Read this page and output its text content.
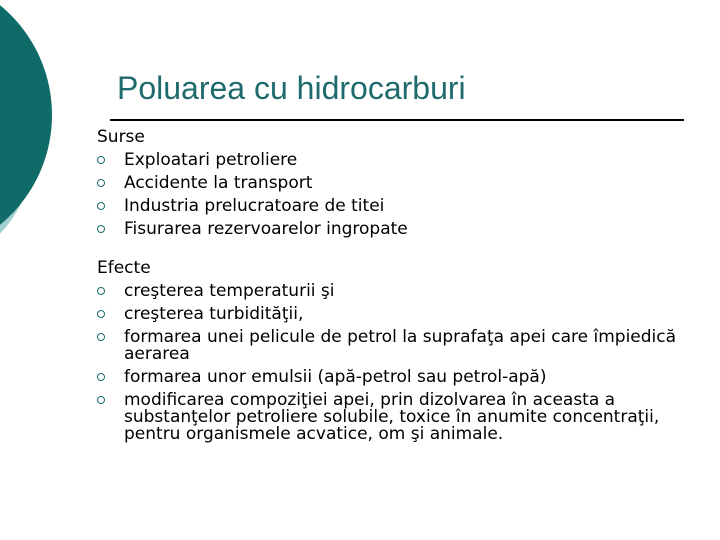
Poluarea cu hidrocarburi
Surse
Exploatari petroliere
Accidente la transport
Industria prelucratoare de titei
Fisurarea rezervoarelor ingropate
Efecte
creşterea temperaturii şi
creşterea turbidităţii,
formarea unei pelicule de petrol la suprafaţa apei care împiedică aerarea
formarea unor emulsii (apă-petrol sau petrol-apă)
modificarea compoziţiei apei, prin dizolvarea în aceasta a substanţelor petroliere solubile, toxice în anumite concentraţii, pentru organismele acvatice, om şi animale.
